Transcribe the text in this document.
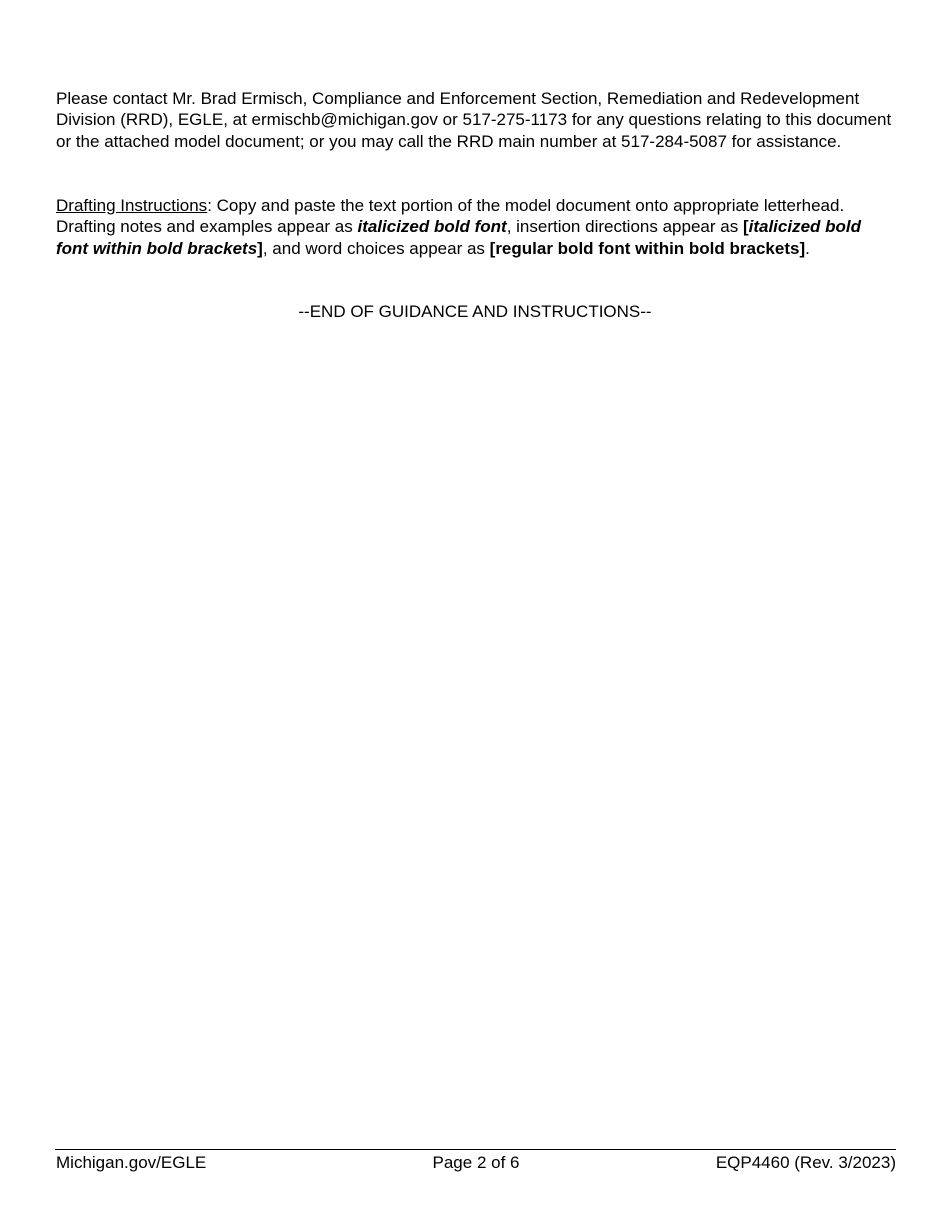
Please contact Mr. Brad Ermisch, Compliance and Enforcement Section, Remediation and Redevelopment Division (RRD), EGLE, at ermischb@michigan.gov or 517-275-1173 for any questions relating to this document or the attached model document; or you may call the RRD main number at 517-284-5087 for assistance.

Drafting Instructions: Copy and paste the text portion of the model document onto appropriate letterhead. Drafting notes and examples appear as italicized bold font, insertion directions appear as [italicized bold font within bold brackets], and word choices appear as [regular bold font within bold brackets].

--END OF GUIDANCE AND INSTRUCTIONS--

Michigan.gov/EGLE	Page 2 of 6	EQP4460 (Rev. 3/2023)
